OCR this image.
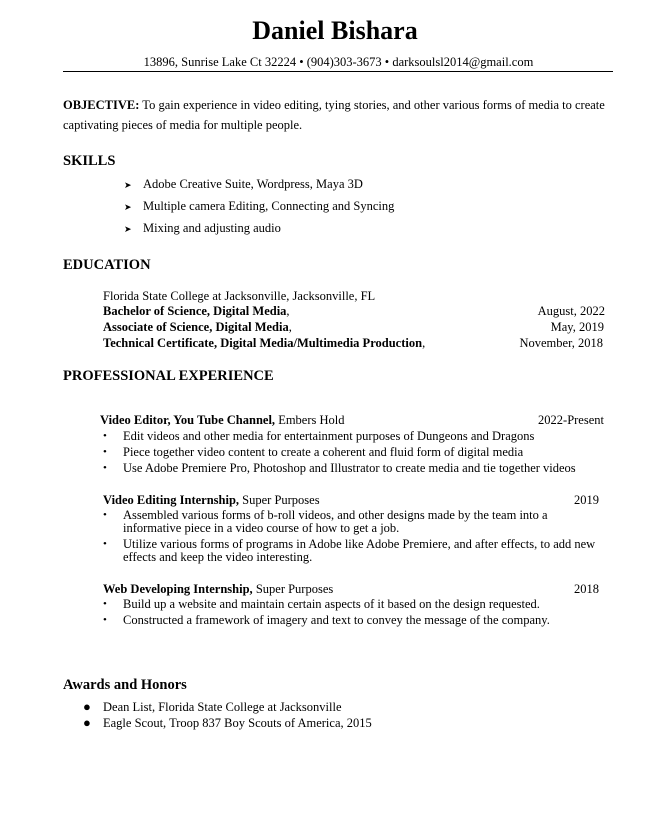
Daniel Bishara
13896, Sunrise Lake Ct 32224 • (904)303-3673 • darksoulsl2014@gmail.com
OBJECTIVE: To gain experience in video editing, tying stories, and other various forms of media to create captivating pieces of media for multiple people.
SKILLS
➤ Adobe Creative Suite, Wordpress, Maya 3D
➤ Multiple camera Editing, Connecting and Syncing
➤ Mixing and adjusting audio
EDUCATION
Florida State College at Jacksonville, Jacksonville, FL
Bachelor of Science, Digital Media,	August, 2022
Associate of Science, Digital Media,	May, 2019
Technical Certificate, Digital Media/Multimedia Production,	November, 2018
PROFESSIONAL EXPERIENCE
Video Editor, You Tube Channel, Embers Hold	2022-Present
• Edit videos and other media for entertainment purposes of Dungeons and Dragons
• Piece together video content to create a coherent and fluid form of digital media
• Use Adobe Premiere Pro, Photoshop and Illustrator to create media and tie together videos
Video Editing Internship, Super Purposes	2019
• Assembled various forms of b-roll videos, and other designs made by the team into a informative piece in a video course of how to get a job.
• Utilize various forms of programs in Adobe like Adobe Premiere, and after effects, to add new effects and keep the video interesting.
Web Developing Internship, Super Purposes	2018
• Build up a website and maintain certain aspects of it based on the design requested.
• Constructed a framework of imagery and text to convey the message of the company.
Awards and Honors
● Dean List, Florida State College at Jacksonville
● Eagle Scout, Troop 837 Boy Scouts of America, 2015
